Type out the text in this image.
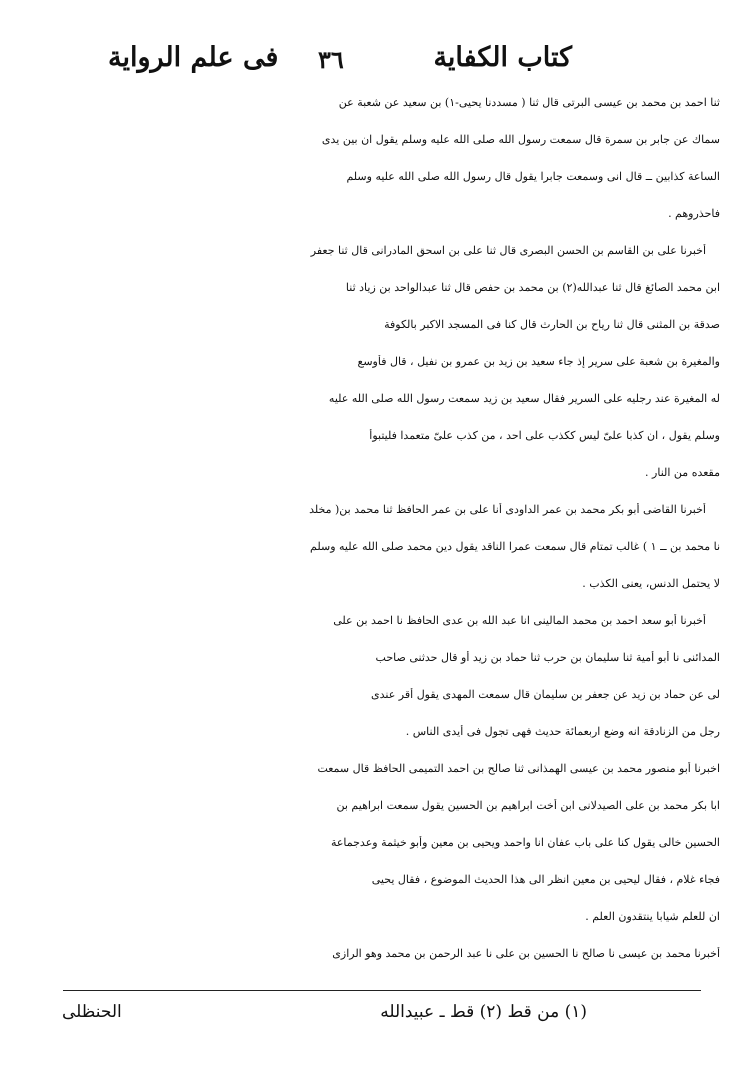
كتاب الكفاية
٣٦
فى علم الرواية

ثنا احمد بن محمد بن عيسى البرتى قال ثنا ( مسددنا يحيى-١) بن سعيد عن شعبة عن

سماك عن جابر بن سمرة قال سمعت رسول الله صلى الله عليه وسلم يقول ان بين يدى

الساعة كذابين ــ قال انى وسمعت جابرا يقول قال رسول الله صلى الله عليه وسلم

فاحذروهم .

أخبرنا على بن القاسم بن الحسن البصرى قال ثنا على بن اسحق المادرانى قال ثنا جعفر

ابن محمد الصائغ قال ثنا عبدالله(٢) بن محمد بن حفص قال ثنا عبدالواحد بن زياد ثنا

صدقة بن المثنى قال ثنا رياح بن الحارث قال كنا فى المسجد الاكبر بالكوفة

والمغيرة بن شعبة على سرير إذ جاء سعيد بن زيد بن عمرو بن نفيل ، قال فأوسع

له المغيرة عند رجليه على السرير فقال سعيد بن زيد سمعت رسول الله صلى الله عليه

وسلم يقول ، ان كذبا علىّ ليس ككذب على احد ، من كذب علىّ متعمدا فليتبوأ

مقعده من النار .

أخبرنا القاضى أبو بكر محمد بن عمر الداودى أنا على بن عمر الحافظ ثنا محمد بن( مخلد

نا محمد بن ــ ١ ) غالب تمتام قال سمعت عمرا الناقد يقول دين محمد صلى الله عليه وسلم

لا يحتمل الدنس، يعنى الكذب .

أخبرنا أبو سعد احمد بن محمد المالينى انا عبد الله بن عدى الحافظ نا احمد بن على

المدائنى نا أبو أمية ثنا سليمان بن حرب ثنا حماد بن زيد أو قال حدثنى صاحب

لى عن حماد بن زيد عن جعفر بن سليمان قال سمعت المهدى يقول أقر عندى

رجل من الزنادقة انه وضع اربعمائة حديث فهى تجول فى أيدى الناس .

اخبرنا أبو منصور محمد بن عيسى الهمذانى ثنا صالح بن احمد التميمى الحافظ قال سمعت

ابا بكر محمد بن على الصيدلانى ابن أخت ابراهيم بن الحسين يقول سمعت ابراهيم بن

الحسين خالى يقول كنا على باب عفان انا واحمد ويحيى بن معين وأبو خيثمة وعدجماعة

فجاء غلام ، فقال ليحيى بن معين انظر الى هذا الحديث الموضوع ، فقال يحيى

ان للعلم شيابا ينتقدون العلم .

أخبرنا محمد بن عيسى نا صالح نا الحسين بن على نا عبد الرحمن بن محمد وهو الرازى

(١) من قط (٢) قط ـ عبيدالله
الحنظلى
